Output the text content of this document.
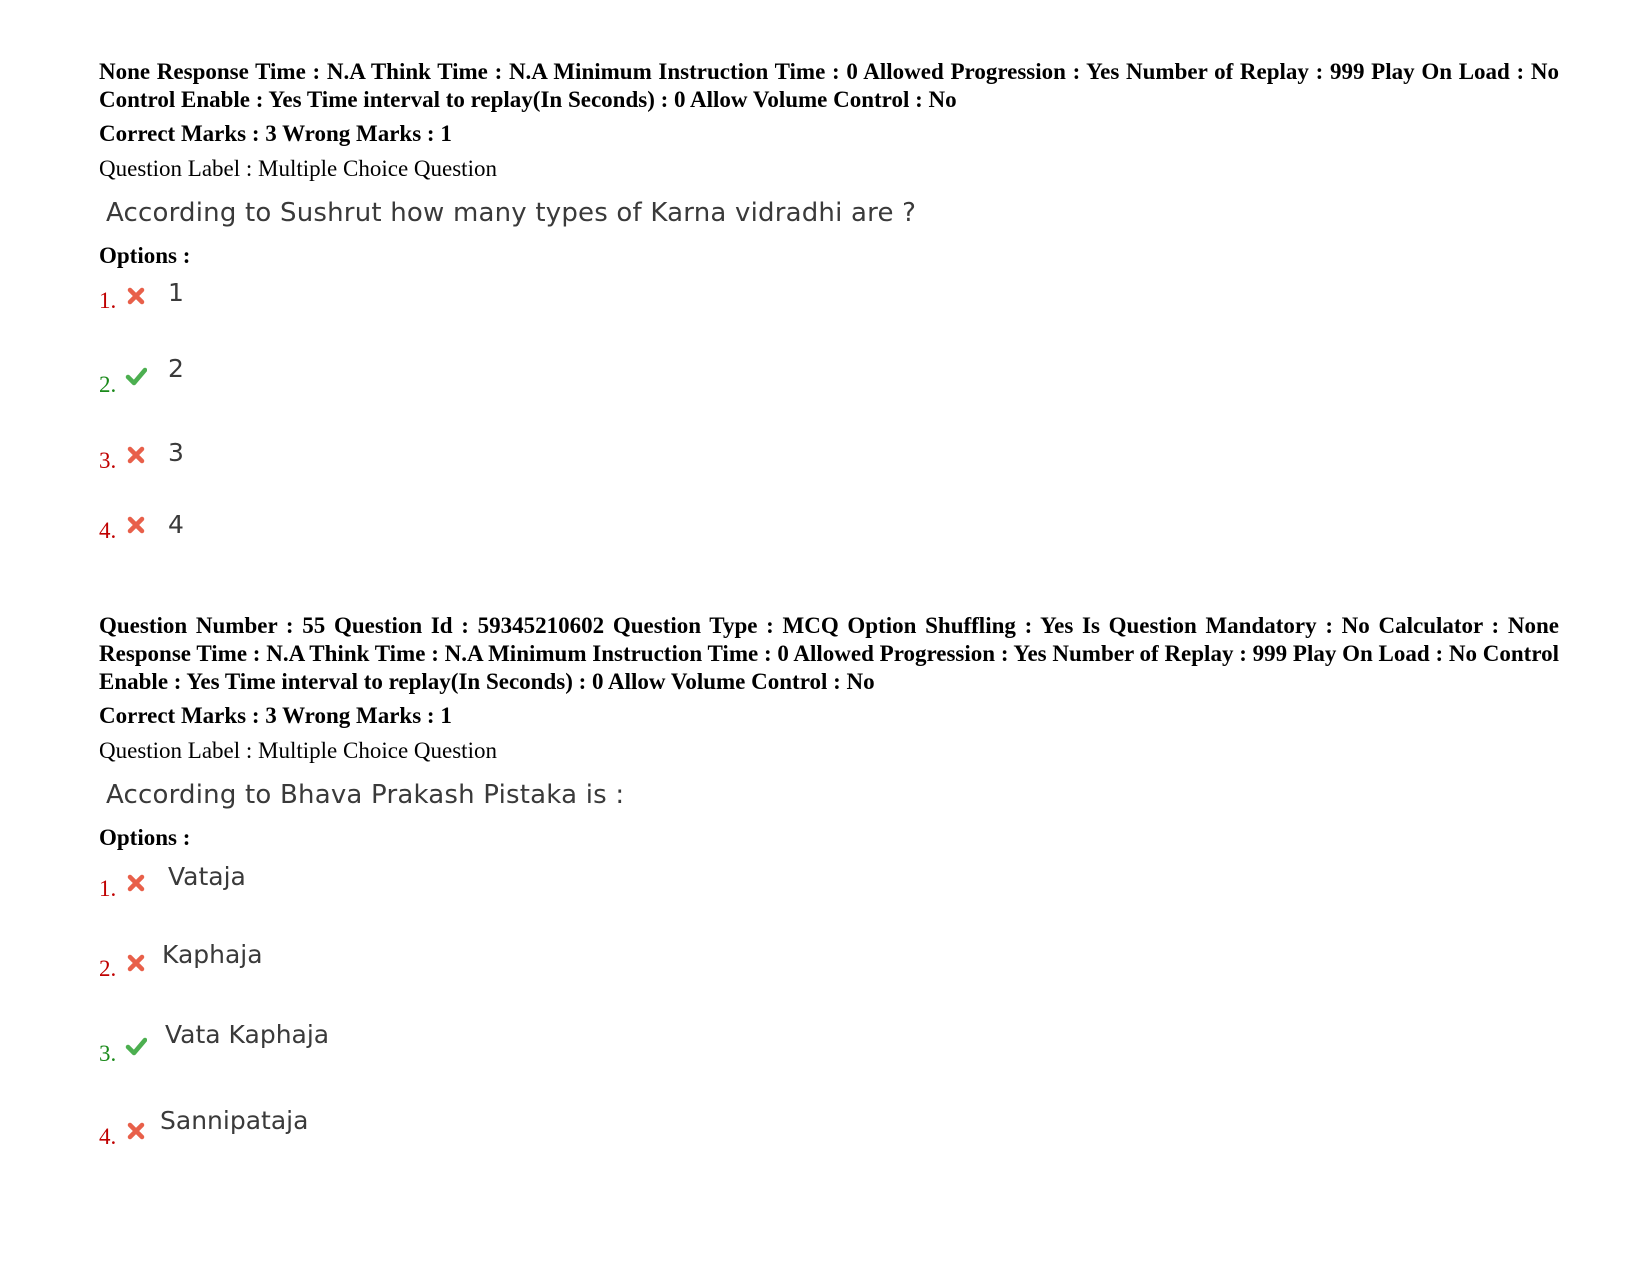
None Response Time : N.A Think Time : N.A Minimum Instruction Time : 0 Allowed Progression : Yes Number of Replay : 999 Play On Load : No Control Enable : Yes Time interval to replay(In Seconds) : 0 Allow Volume Control : No
Correct Marks : 3 Wrong Marks : 1
Question Label : Multiple Choice Question
According to Sushrut how many types of Karna vidradhi are ?
Options :
1. 1
2.
2
3. 3
4. 4
Question Number : 55 Question Id : 59345210602 Question Type : MCQ Option Shuffling : Yes Is Question Mandatory : No Calculator : None Response Time : N.A Think Time : N.A Minimum Instruction Time : 0 Allowed Progression : Yes Number of Replay : 999 Play On Load : No Control Enable : Yes Time interval to replay(In Seconds) : 0 Allow Volume Control : No
Correct Marks : 3 Wrong Marks : 1
Question Label : Multiple Choice Question
According to Bhava Prakash Pistaka is :
Options :
1. Vataja
2. Kaphaja
3.
Vata Kaphaja
4.
Sannipataja
